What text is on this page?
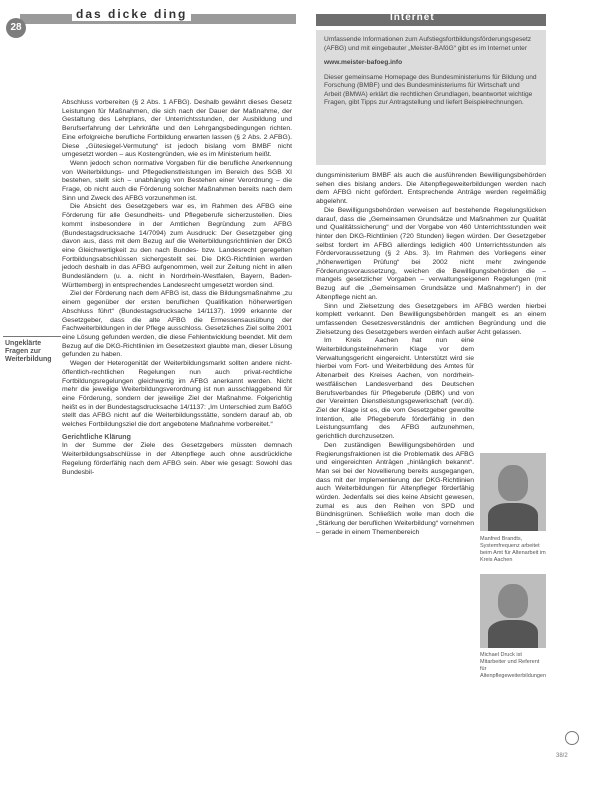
28
das dicke ding	Internet

Umfassende Informationen zum Aufstiegsfortbildungsförderungsgesetz (AFBG) und mit eingebauter „Meister-BAföG“ gibt es im Internet unter

www.meister-bafoeg.info

Dieser gemeinsame Homepage des Bundesministeriums für Bildung und Forschung (BMBF) und des Bundesministeriums für Wirtschaft und Arbeit (BMWA) erklärt die rechtlichen Grundlagen, beantwortet wichtige Fragen, gibt Tipps zur Antragstellung und liefert Beispielrechnungen.

Abschluss vorbereiten (§ 2 Abs. 1 AFBG). Deshalb gewährt dieses Gesetz Leistungen für Maßnahmen, die sich nach der Dauer der Maßnahme, der Gestaltung des Lehrplans, der Unterrichtsstunden, der Ausbildung und Berufserfahrung der Lehrkräfte und den Lehrgangsbedingungen richten. Eine erfolgreiche berufliche Fortbildung erwarten lassen (§ 2 Abs. 2 AFBG). Diese „Gütesiegel-Vermutung“ ist jedoch bislang vom BMBF nicht umgesetzt worden – aus Kostengründen, wie es im Ministerium heißt.

Wenn jedoch schon normative Vorgaben für die berufliche Anerkennung von Weiterbildungs- und Pflegedienstleistungen im Bereich des SGB XI bestehen, stellt sich – unabhängig von Bestehen einer Verordnung – die Frage, ob nicht auch die Förderung solcher Maßnahmen bereits nach dem Sinn und Zweck des AFBG vorzunehmen ist.

Die Absicht des Gesetzgebers war es, im Rahmen des AFBG eine Förderung für alle Gesundheits- und Pflegeberufe sicherzustellen. Dies kommt insbesondere in der Amtlichen Begründung zum AFBG (Bundestagsdrucksache 14/7094) zum Ausdruck: Der Gesetzgeber ging davon aus, dass mit dem Bezug auf die Weiterbildungsrichtlinien der DKG eine Gleichwertigkeit zu den nach Bundes- bzw. Landesrecht geregelten Fortbildungsabschlüssen sichergestellt sei. Die DKG-Richtlinien werden jedoch deshalb in das AFBG aufgenommen, weil zur Zeitung nicht in allen Bundesländern (u. a. nicht in Nordrhein-Westfalen, Bayern, Baden-Württemberg) in entsprechendes Landesrecht umgesetzt worden sind.

Ziel der Förderung nach dem AFBG ist, dass die Bildungsmaßnahme „zu einem gegenüber der ersten beruflichen Qualifikation höherwertigen Abschluss führt“ (Bundestagsdrucksache 14/1137). 1999 erkannte der Gesetzgeber, dass die alte AFBG die Ermessensausübung der Fachweiterbildungen in der Pflege ausschloss. Gesetzliches Ziel sollte 2001 eine Lösung gefunden werden, die diese Fehlentwicklung beendet. Mit dem Bezug auf die DKG-Richtlinien im Gesetzestext glaubte man, dieser Lösung gefunden zu haben.

Wegen der Heterogenität der Weiterbildungsmarkt sollten andere nicht-öffentlich-rechtlichen Regelungen nun auch privat-rechtliche Fortbildungsregelungen gleichwertig im AFBG anerkannt werden. Nicht mehr die jeweilige Weiterbildungsverordnung ist nun ausschlaggebend für eine Förderung, sondern der jeweilige Ziel der Maßnahme. Folgerichtig heißt es in der Bundestagsdrucksache 14/1137: „Im Unterschied zum BaföG stellt das AFBG nicht auf die Weiterbildungsstätte, sondern darauf ab, ob welches Fortbildungsziel die dort angebotene Maßnahme vorbereitet.“

Gerichtliche Klärung

In der Summe der Ziele des Gesetzgebers müssten demnach Weiterbildungsabschlüsse in der Altenpflege auch ohne ausdrückliche Regelung förderfähig nach dem AFBG sein. Aber wie gesagt: Sowohl das Bundesbil-

Ungeklärte
Fragen zur
Weiterbildung

dungsministerium BMBF als auch die ausführenden Bewilligungsbehörden sehen dies bislang anders. Die Altenpflegeweiterbildungen werden nach dem AFBG nicht gefördert. Entsprechende Anträge werden regelmäßig abgelehnt.

Die Bewilligungsbehörden verweisen auf bestehende Regelungslücken darauf, dass die „Gemeinsamen Grundsätze und Maßnahmen zur Qualität und Qualitätssicherung“ und der Vorgabe von 460 Unterrichtsstunden weit hinter den DKG-Richtlinien (720 Stunden) liegen würden. Der Gesetzgeber selbst fordert im AFBG allerdings lediglich 400 Unterrichtsstunden als Fördervoraussetzung (§ 2 Abs. 3). Im Rahmen des Vorliegens einer „höherwertigen Prüfung“ bei 2002 nicht mehr zwingende Förderungsvoraussetzung, weichen die Bewilligungsbehörden die – mangels gesetzlicher Vorgaben – verwaltungseigenen Regelungen (mit Bezug auf die „Gemeinsamen Grundsätze und Maßnahmen“) in der Altenpflege nicht an.

Sinn und Zielsetzung des Gesetzgebers im AFBG werden hierbei komplett verkannt. Den Bewilligungsbehörden mangelt es an einem umfassenden Gesetzesverständnis der amtlichen Begründung und die Zielsetzung des Gesetzgebers werden einfach außer Acht gelassen.

Im Kreis Aachen hat nun eine Weiterbildungsteilnehmerin Klage vor dem Verwaltungsgericht eingereicht. Unterstützt wird sie hierbei vom Fort- und Weiterbildung des Amtes für Altenarbeit des Kreises Aachen, von nordrhein-westfälischen Landesverband des Deutschen Berufsverbandes für Pflegeberufe (DBfK) und von der Vereinten Dienstleistungsgewerkschaft (ver.di). Ziel der Klage ist es, die vom Gesetzgeber gewollte Intention, alle Pflegeberufe förderfähig in den Leistungsumfang des AFBG aufzunehmen, gerichtlich durchzusetzen.

Den zuständigen Bewilligungsbehörden und Regierungsfraktionen ist die Problematik des AFBG und eingereichten Anträgen „hinlänglich bekannt“. Man sei bei der Novellierung bereits ausgegangen, dass mit der Implementierung der DKG-Richtlinien auch Weiterbildungen für Altenpfleger förderfähig würden. Jedenfalls sei dies keine Absicht gewesen, zumal es aus den Reihen von SPD und Bündnisgrünen. Schließlich wolle man doch die „Stärkung der beruflichen Weiterbildung“ vornehmen – gerade in einem Themenbereich

Manfred Brandts, Systemfrequenz arbeitet beim Amt für Altenarbeit im Kreis Aachen
Michael Druck ist Mitarbeiter und Referent für Altenpflegeweiterbildungen
38/2
